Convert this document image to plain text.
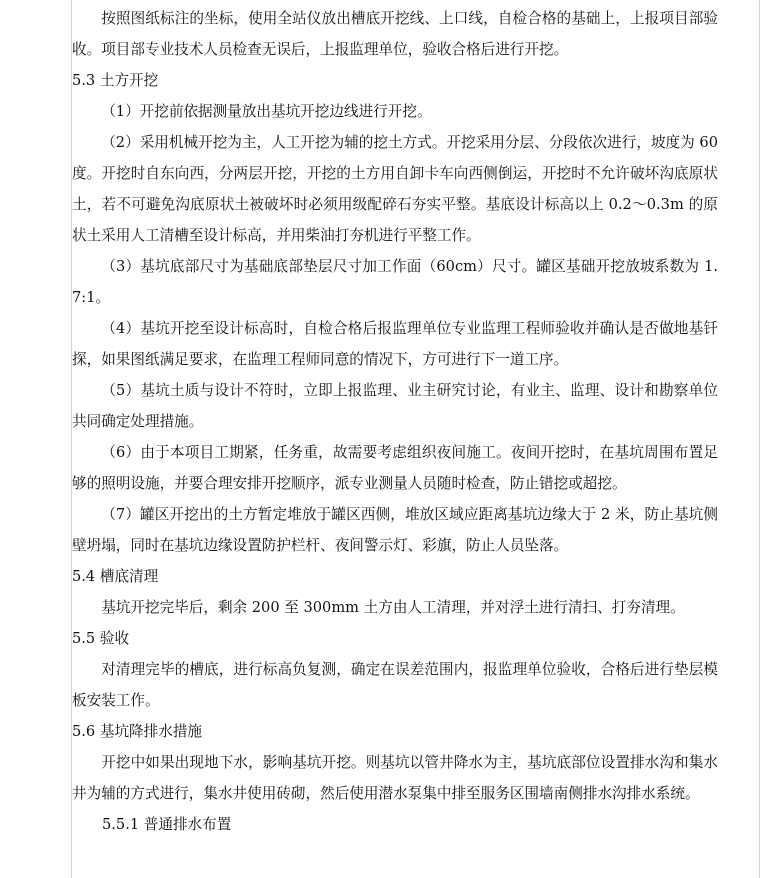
按照图纸标注的坐标，使用全站仪放出槽底开挖线、上口线，自检合格的基础上，上报项目部验收。项目部专业技术人员检查无误后，上报监理单位，验收合格后进行开挖。

5.3 土方开挖

（1）开挖前依据测量放出基坑开挖边线进行开挖。

（2）采用机械开挖为主，人工开挖为辅的挖土方式。开挖采用分层、分段依次进行，坡度为 60 度。开挖时自东向西，分两层开挖，开挖的土方用自卸卡车向西侧倒运，开挖时不允许破坏沟底原状土，若不可避免沟底原状土被破坏时必须用级配碎石夯实平整。基底设计标高以上 0.2～0.3m 的原状土采用人工清槽至设计标高，并用柴油打夯机进行平整工作。

（3）基坑底部尺寸为基础底部垫层尺寸加工作面（60cm）尺寸。罐区基础开挖放坡系数为 1.7:1。

（4）基坑开挖至设计标高时，自检合格后报监理单位专业监理工程师验收并确认是否做地基钎探，如果图纸满足要求，在监理工程师同意的情况下，方可进行下一道工序。

（5）基坑土质与设计不符时，立即上报监理、业主研究讨论，有业主、监理、设计和勘察单位共同确定处理措施。

（6）由于本项目工期紧，任务重，故需要考虑组织夜间施工。夜间开挖时，在基坑周围布置足够的照明设施，并要合理安排开挖顺序，派专业测量人员随时检查，防止错挖或超挖。

（7）罐区开挖出的土方暂定堆放于罐区西侧，堆放区域应距离基坑边缘大于 2 米，防止基坑侧壁坍塌，同时在基坑边缘设置防护栏杆、夜间警示灯、彩旗，防止人员坠落。

5.4 槽底清理

基坑开挖完毕后，剩余 200 至 300mm 土方由人工清理，并对浮土进行清扫、打夯清理。

5.5 验收

对清理完毕的槽底，进行标高负复测，确定在误差范围内，报监理单位验收，合格后进行垫层模板安装工作。

5.6 基坑降排水措施

开挖中如果出现地下水，影响基坑开挖。则基坑以管井降水为主，基坑底部位设置排水沟和集水井为辅的方式进行，集水井使用砖砌，然后使用潜水泵集中排至服务区围墙南侧排水沟排水系统。

5.5.1 普通排水布置
